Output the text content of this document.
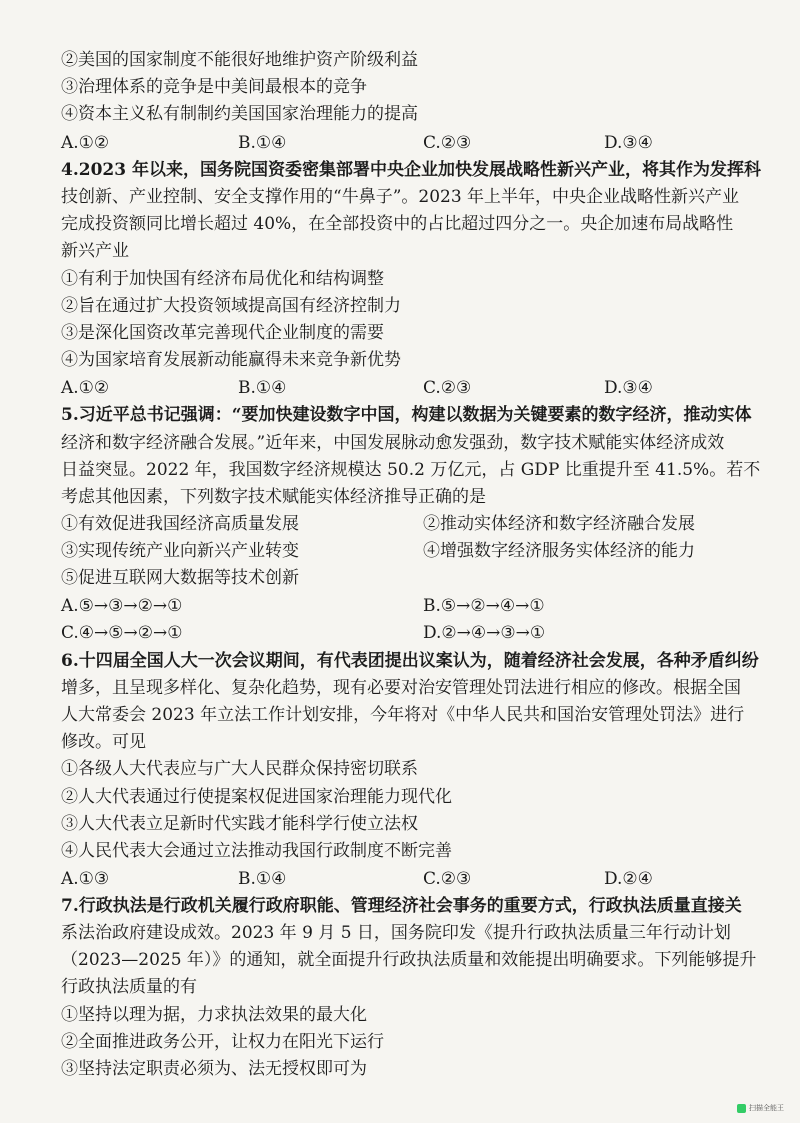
②美国的国家制度不能很好地维护资产阶级利益
③治理体系的竞争是中美间最根本的竞争
④资本主义私有制制约美国国家治理能力的提高
A.①②	B.①④	C.②③	D.③④
4.2023 年以来，国务院国资委密集部署中央企业加快发展战略性新兴产业，将其作为发挥科
技创新、产业控制、安全支撑作用的“牛鼻子”。2023 年上半年，中央企业战略性新兴产业
完成投资额同比增长超过 40%，在全部投资中的占比超过四分之一。央企加速布局战略性
新兴产业
①有利于加快国有经济布局优化和结构调整
②旨在通过扩大投资领域提高国有经济控制力
③是深化国资改革完善现代企业制度的需要
④为国家培育发展新动能赢得未来竞争新优势
A.①②	B.①④	C.②③	D.③④
5.习近平总书记强调：“要加快建设数字中国，构建以数据为关键要素的数字经济，推动实体
经济和数字经济融合发展。”近年来，中国发展脉动愈发强劲，数字技术赋能实体经济成效
日益突显。2022 年，我国数字经济规模达 50.2 万亿元，占 GDP 比重提升至 41.5%。若不
考虑其他因素，下列数字技术赋能实体经济推导正确的是
①有效促进我国经济高质量发展	②推动实体经济和数字经济融合发展
③实现传统产业向新兴产业转变	④增强数字经济服务实体经济的能力
⑤促进互联网大数据等技术创新
A.⑤→③→②→①	B.⑤→②→④→①
C.④→⑤→②→①	D.②→④→③→①
6.十四届全国人大一次会议期间，有代表团提出议案认为，随着经济社会发展，各种矛盾纠纷
增多，且呈现多样化、复杂化趋势，现有必要对治安管理处罚法进行相应的修改。根据全国
人大常委会 2023 年立法工作计划安排，今年将对《中华人民共和国治安管理处罚法》进行
修改。可见
①各级人大代表应与广大人民群众保持密切联系
②人大代表通过行使提案权促进国家治理能力现代化
③人大代表立足新时代实践才能科学行使立法权
④人民代表大会通过立法推动我国行政制度不断完善
A.①③	B.①④	C.②③	D.②④
7.行政执法是行政机关履行政府职能、管理经济社会事务的重要方式，行政执法质量直接关
系法治政府建设成效。2023 年 9 月 5 日，国务院印发《提升行政执法质量三年行动计划
（2023—2025 年）》的通知，就全面提升行政执法质量和效能提出明确要求。下列能够提升
行政执法质量的有
①坚持以理为据，力求执法效果的最大化
②全面推进政务公开，让权力在阳光下运行
③坚持法定职责必须为、法无授权即可为
扫描全能王
